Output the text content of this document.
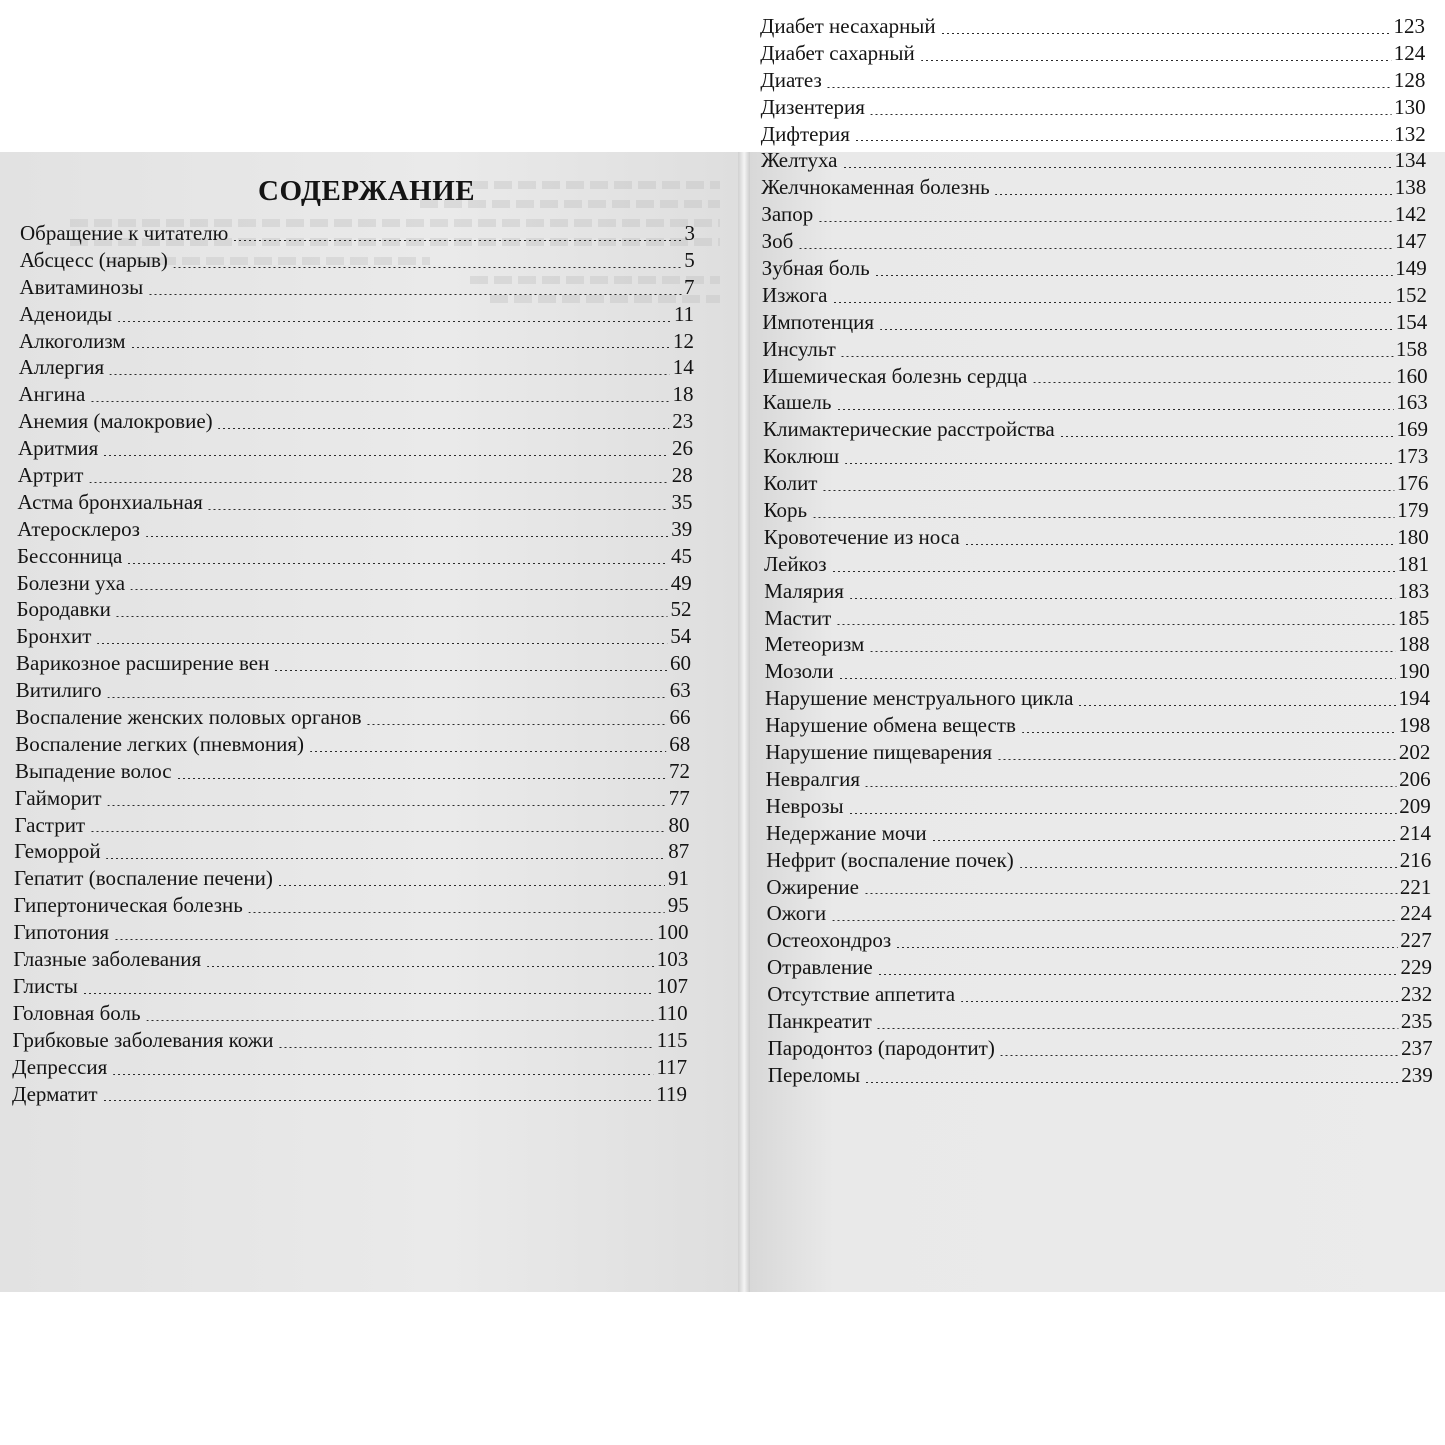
СОДЕРЖАНИЕ
Обращение к читателю	3
Абсцесс (нарыв)	5
Авитаминозы	7
Аденоиды	11
Алкоголизм	12
Аллергия	14
Ангина	18
Анемия (малокровие)	23
Аритмия	26
Артрит	28
Астма бронхиальная	35
Атеросклероз	39
Бессонница	45
Болезни уха	49
Бородавки	52
Бронхит	54
Варикозное расширение вен	60
Витилиго	63
Воспаление женских половых органов	66
Воспаление легких (пневмония)	68
Выпадение волос	72
Гайморит	77
Гастрит	80
Геморрой	87
Гепатит (воспаление печени)	91
Гипертоническая болезнь	95
Гипотония	100
Глазные заболевания	103
Глисты	107
Головная боль	110
Грибковые заболевания кожи	115
Депрессия	117
Дерматит	119
Диабет несахарный	123
Диабет сахарный	124
Диатез	128
Дизентерия	130
Дифтерия	132
Желтуха	134
Желчнокаменная болезнь	138
Запор	142
Зоб	147
Зубная боль	149
Изжога	152
Импотенция	154
Инсульт	158
Ишемическая болезнь сердца	160
Кашель	163
Климактерические расстройства	169
Коклюш	173
Колит	176
Корь	179
Кровотечение из носа	180
Лейкоз	181
Малярия	183
Мастит	185
Метеоризм	188
Мозоли	190
Нарушение менструального цикла	194
Нарушение обмена веществ	198
Нарушение пищеварения	202
Невралгия	206
Неврозы	209
Недержание мочи	214
Нефрит (воспаление почек)	216
Ожирение	221
Ожоги	224
Остеохондроз	227
Отравление	229
Отсутствие аппетита	232
Панкреатит	235
Пародонтоз (пародонтит)	237
Переломы	239
